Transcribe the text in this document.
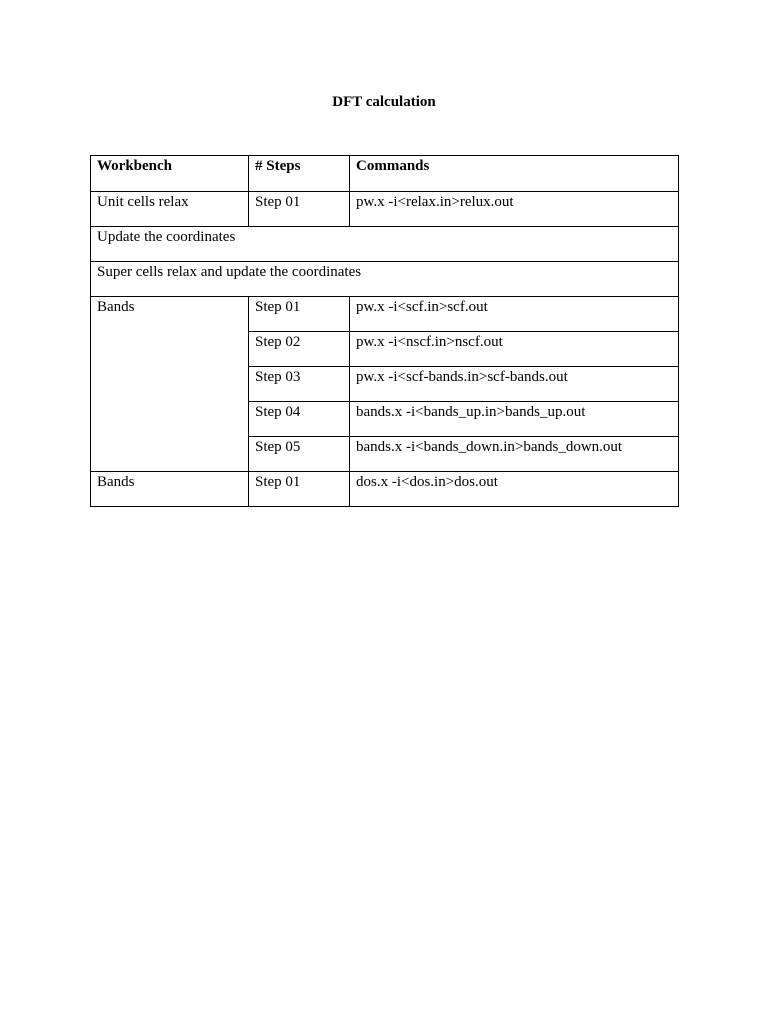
DFT calculation
Workbench	# Steps	Commands

Unit cells relax	Step 01	pw.x -i<relax.in>relux.out

Update the coordinates		

Super cells relax and update the coordinates		

Bands	Step 01	pw.x -i<scf.in>scf.out

	Step 02	pw.x -i<nscf.in>nscf.out

	Step 03	pw.x -i<scf-bands.in>scf-bands.out

	Step 04	bands.x -i<bands_up.in>bands_up.out

	Step 05	bands.x -i<bands_down.in>bands_down.out

Bands	Step 01	dos.x -i<dos.in>dos.out
